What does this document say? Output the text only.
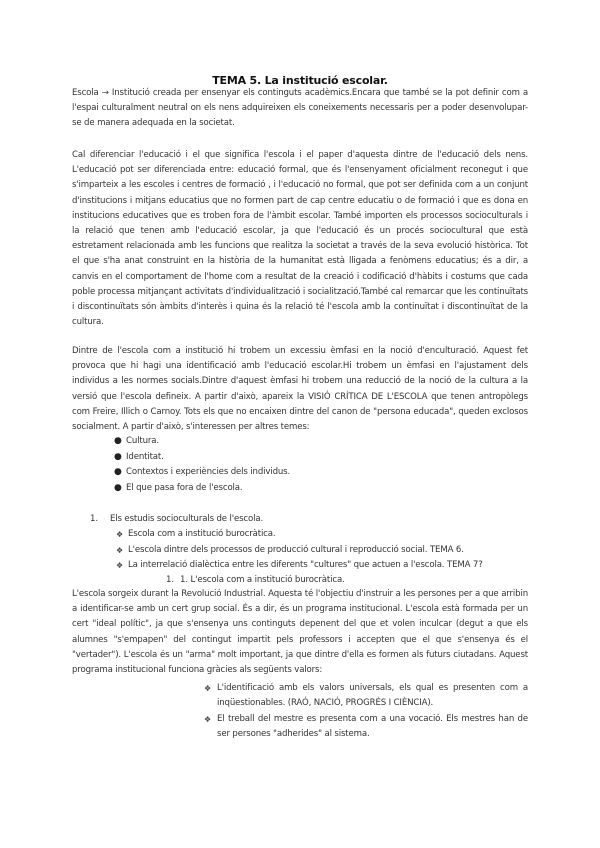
TEMA 5. La institució escolar.

Escola → Institució creada per ensenyar els continguts acadèmics.Encara que també se la pot definir com a l'espai culturalment neutral on els nens adquireixen els coneixements necessaris per a poder desenvolupar-se de manera adequada en la societat.

Cal diferenciar l'educació i el que significa l'escola i el paper d'aquesta dintre de l'educació dels nens. L'educació pot ser diferenciada entre: educació formal, que és l'ensenyament oficialment reconegut i que s'imparteix a les escoles i centres de formació , i l'educació no formal, que pot ser definida com a un conjunt d'institucions i mitjans educatius que no formen part de cap centre educatiu o de formació i que es dona en institucions educatives que es troben fora de l'àmbit escolar. També importen els processos socioculturals i la relació que tenen amb l'educació escolar, ja que l'educació és un procés sociocultural que està estretament relacionada amb les funcions que realitza la societat a través de la seva evolució històrica. Tot el que s'ha anat construint en la història de la humanitat està lligada a fenòmens educatius; és a dir, a canvis en el comportament de l'home com a resultat de la creació i codificació d'hàbits i costums que cada poble processa mitjançant activitats d'individualització i socialització.També cal remarcar que les continuïtats i discontinuïtats són àmbits d'interès i quina és la relació té l'escola amb la continuïtat i discontinuïtat de la cultura.

Dintre de l'escola com a institució hi trobem un excessiu èmfasi en la noció d'enculturació. Aquest fet provoca que hi hagi una identificació amb l'educació escolar.Hi trobem un èmfasi en l'ajustament dels individus a les normes socials.Dintre d'aquest èmfasi hi trobem una reducció de la noció de la cultura a la versió que l'escola defineix. A partir d'això, apareix la VISIÓ CRÍTICA DE L'ESCOLA que tenen antropòlegs com Freire, Illich o Carnoy. Tots els que no encaixen dintre del canon de "persona educada", queden exclosos socialment. A partir d'això, s'interessen per altres temes:

● Cultura.
● Identitat.
● Contextos i experiències dels individus.
● El que pasa fora de l'escola.
1. Els estudis socioculturals de l'escola.
❖ Escola com a institució burocràtica.
❖ L'escola dintre dels processos de producció cultural i reproducció social. TEMA 6.
❖ La interrelació dialèctica entre les diferents "cultures" que actuen a l'escola. TEMA 7?
1. 1. L'escola com a institució burocràtica.

L'escola sorgeix durant la Revolució Industrial. Aquesta té l'objectiu d'instruir a les persones per a que arribin a identificar-se amb un cert grup social. És a dir, és un programa institucional. L'escola està formada per un cert "ideal polític", ja que s'ensenya uns continguts depenent del que et volen inculcar (degut a que els alumnes "s'empapen" del contingut impartit pels professors i accepten que el que s'ensenya és el "vertader"). L'escola és un "arma" molt important, ja que dintre d'ella es formen als futurs ciutadans. Aquest programa institucional funciona gràcies als següents valors:

❖ L'identificació amb els valors universals, els qual es presenten com a inqüestionables. (RAÓ, NACIÓ, PROGRÉS I CIÈNCIA).
❖ El treball del mestre es presenta com a una vocació. Els mestres han de ser persones "adherides" al sistema.
